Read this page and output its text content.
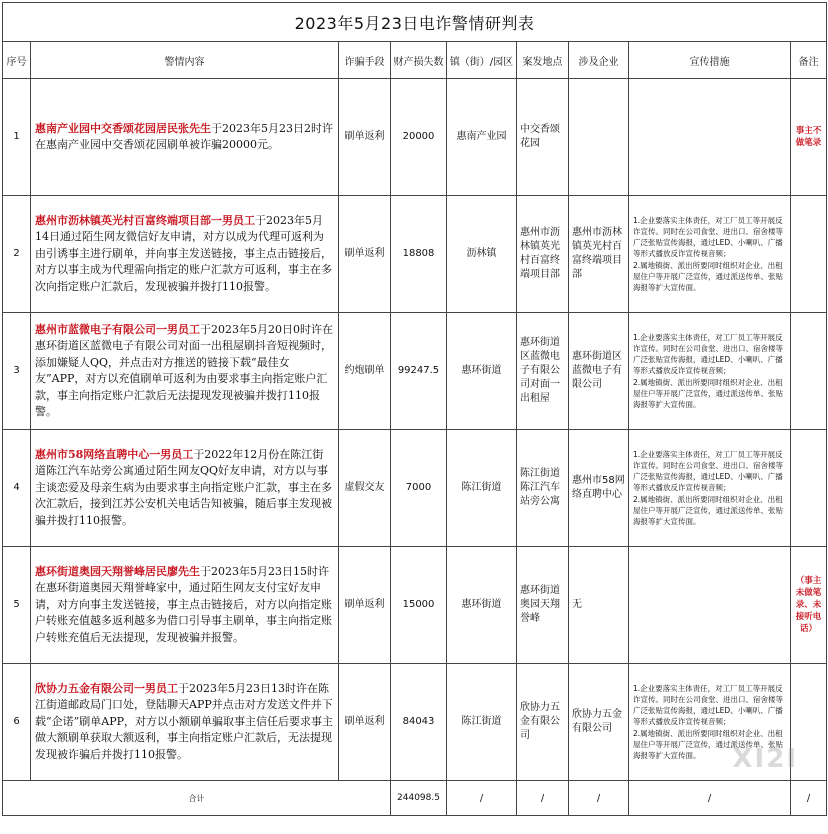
2023年5月23日电诈警情研判表								
序号	警情内容	诈骗手段	财产损失数	镇（街）/园区	案发地点	涉及企业	宣传措施	备注
1	惠南产业园中交香颂花园居民张先生于2023年5月23日2时许在惠南产业园中交香颂花园刷单被诈骗20000元。	刷单返利	20000	惠南产业园	中交香颂花园			事主不做笔录
2	惠州市沥林镇英光村百富终端项目部一男员工于2023年5月14日通过陌生网友微信好友申请，对方以成为代理可返利为由引诱事主进行刷单，并向事主发送链接，事主点击链接后，对方以事主成为代理需向指定的账户汇款方可返利，事主在多次向指定账户汇款后，发现被骗并拨打110报警。	刷单返利	18808	沥林镇	惠州市沥林镇英光村百富终端项目部	惠州市沥林镇英光村百富终端项目部	1.企业要落实主体责任，对工厂员工等开展反诈宣传。同时在公司食堂、进出口、宿舍楼等广泛张贴宣传海报，通过LED、小喇叭、广播等形式播放反诈宣传视音频；

2.属地镇街、派出所要同时组织对企业、出租屋住户等开展广泛宣传，通过派送传单、张贴海报等扩大宣传面。	

3	惠州市蓝微电子有限公司一男员工于2023年5月20日0时许在惠环街道区蓝微电子有限公司对面一出租屋刷抖音短视频时，添加嫌疑人QQ，并点击对方推送的链接下载“最佳女友”APP，对方以充值刷单可返利为由要求事主向指定账户汇款，事主向指定账户汇款后无法提现发现被骗并拨打110报警。	约炮刷单	99247.5	惠环街道	惠环街道区蓝微电子有限公司对面一出租屋	惠环街道区蓝微电子有限公司	1.企业要落实主体责任，对工厂员工等开展反诈宣传。同时在公司食堂、进出口、宿舍楼等广泛张贴宣传海报，通过LED、小喇叭、广播等形式播放反诈宣传视音频；

2.属地镇街、派出所要同时组织对企业、出租屋住户等开展广泛宣传，通过派送传单、张贴海报等扩大宣传面。	

4	惠州市58网络直聘中心一男员工于2022年12月份在陈江街道陈江汽车站旁公寓通过陌生网友QQ好友申请，对方以与事主谈恋爱及母亲生病为由要求事主向指定账户汇款，事主在多次汇款后，接到江苏公安机关电话告知被骗，随后事主发现被骗并拨打110报警。	虚假交友	7000	陈江街道	陈江街道陈江汽车站旁公寓	惠州市58网络直聘中心	1.企业要落实主体责任，对工厂员工等开展反诈宣传。同时在公司食堂、进出口、宿舍楼等广泛张贴宣传海报，通过LED、小喇叭、广播等形式播放反诈宣传视音频；

2.属地镇街、派出所要同时组织对企业、出租屋住户等开展广泛宣传，通过派送传单、张贴海报等扩大宣传面。	

5	惠环街道奥园天翔誉峰居民廖先生于2023年5月23日15时许在惠环街道奥园天翔誉峰家中，通过陌生网友支付宝好友申请，对方向事主发送链接，事主点击链接后，对方以向指定账户转账充值越多返利越多为借口引导事主刷单，事主向指定账户转账充值后无法提现，发现被骗并报警。	刷单返利	15000	惠环街道	惠环街道奥园天翔誉峰	无		（事主未做笔录、未接听电话）
6	欣协力五金有限公司一男员工于2023年5月23日13时许在陈江街道邮政局门口处，登陆聊天APP并点击对方发送文件并下载“企诺”刷单APP，对方以小额刷单骗取事主信任后要求事主做大额刷单获取大额返利，事主向指定账户汇款后，无法提现发现被诈骗后并拨打110报警。	刷单返利	84043	陈江街道	欣协力五金有限公司	欣协力五金有限公司	1.企业要落实主体责任，对工厂员工等开展反诈宣传。同时在公司食堂、进出口、宿舍楼等广泛张贴宣传海报，通过LED、小喇叭、广播等形式播放反诈宣传视音频；

2.属地镇街、派出所要同时组织对企业、出租屋住户等开展广泛宣传，通过派送传单、张贴海报等扩大宣传面。	

合计			244098.5	/	/	/	/	/
XI2I
